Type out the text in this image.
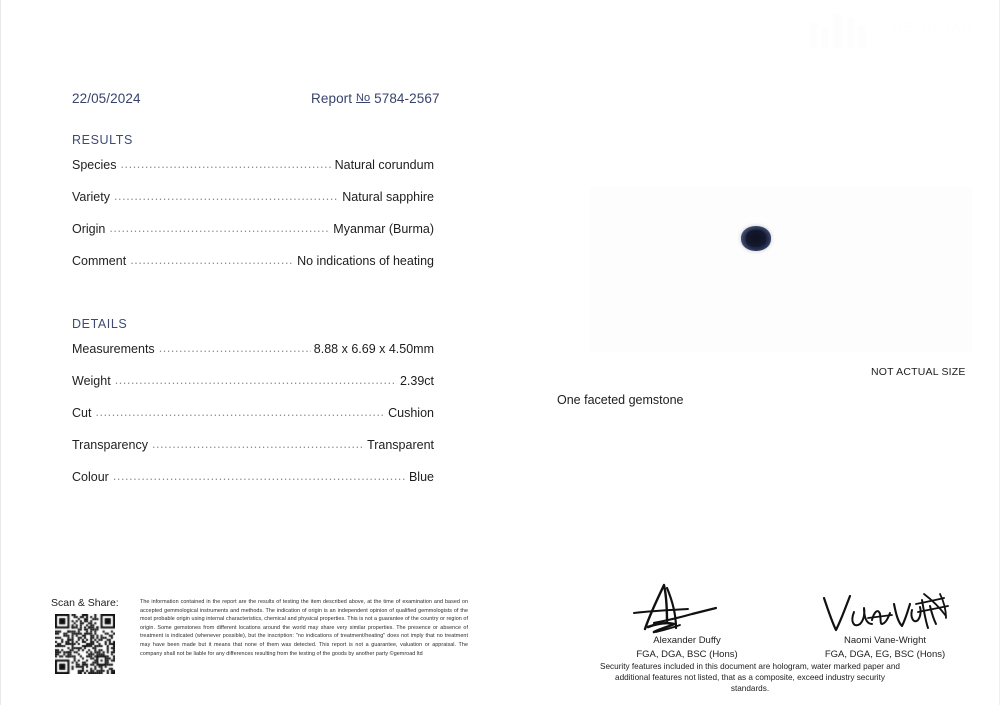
GEMROAD
22/05/2024	Report No 5784-2567
RESULTS
Species .....	Natural corundum
Variety .....	Natural sapphire
Origin .....	Myanmar (Burma)
Comment .....	No indications of heating
DETAILS
Measurements .....	8.88 x 6.69 x 4.50mm
Weight .....	2.39ct
Cut .....	Cushion
Transparency .....	Transparent
Colour .....	Blue
NOT ACTUAL SIZE
One faceted gemstone
Scan & Share:	The information contained in the report are the results of testing the item described above, at the time of examination and based on accepted gemmological instruments and methods. The indication of origin is an independent opinion of qualified gemmologists of the most probable origin using internal characteristics, chemical and physical properties. This is not a guarantee of the country or region of origin. Some gemstones from different locations around the world may share very similar properties. The presence or absence of treatment is indicated (whenever possible), but the inscription: "no indications of treatment/heating" does not imply that no treatment may have been made but it means that none of them was detected. This report is not a guarantee, valuation or appraisal. The company shall not be liable for any differences resulting from the testing of the goods by another party ©gemroad ltd
Alexander Duffy
FGA, DGA, BSC (Hons)
Naomi Vane-Wright
FGA, DGA, EG, BSC (Hons)
Security features included in this document are hologram, water marked paper and additional features not listed, that as a composite, exceed industry security standards.
